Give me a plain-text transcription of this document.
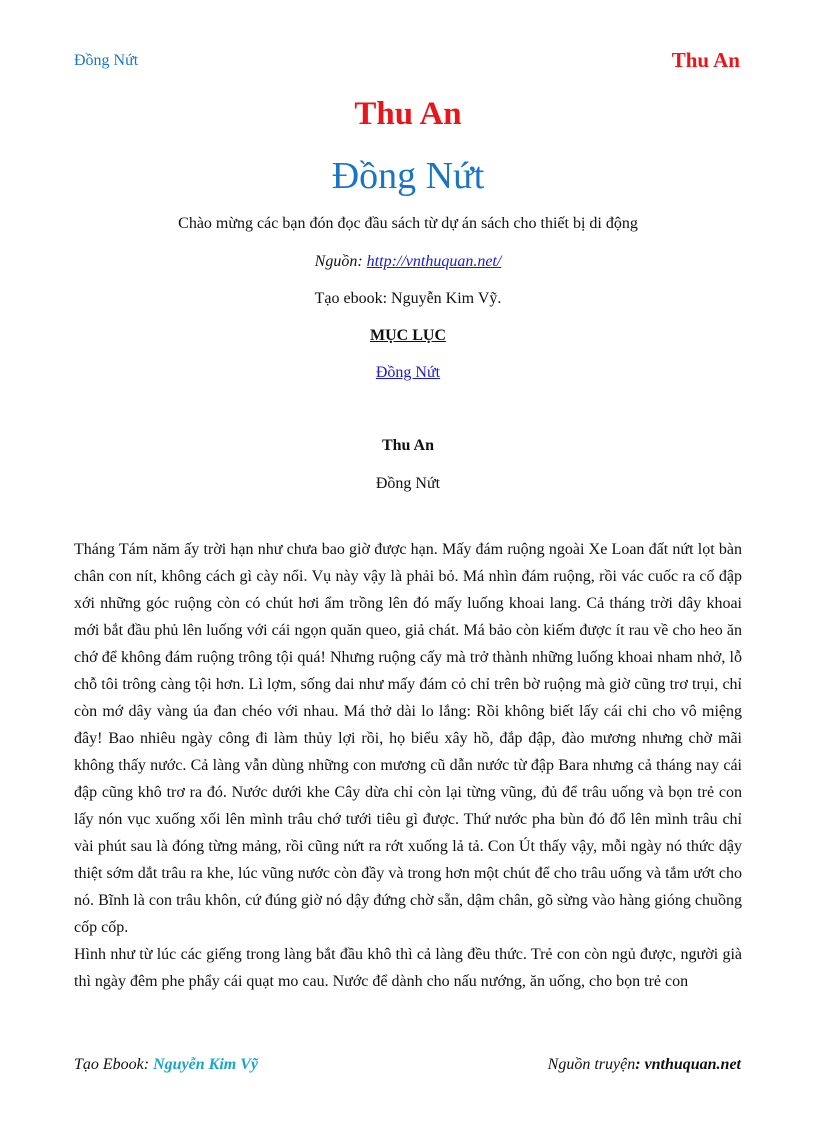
Đồng Nứt	Thu An
Thu An
Đồng Nứt
Chào mừng các bạn đón đọc đầu sách từ dự án sách cho thiết bị di động
Nguồn: http://vnthuquan.net/
Tạo ebook: Nguyễn Kim Vỹ.
MỤC LỤC
Đồng Nứt
Thu An
Đồng Nứt

Tháng Tám năm ấy trời hạn như chưa bao giờ được hạn. Mấy đám ruộng ngoài Xe Loan đất nứt lọt bàn chân con nít, không cách gì cày nổi. Vụ này vậy là phải bỏ. Má nhìn đám ruộng, rồi vác cuốc ra cố đập xới những góc ruộng còn có chút hơi ẩm trồng lên đó mấy luống khoai lang. Cả tháng trời dây khoai mới bắt đầu phủ lên luống với cái ngọn quăn queo, giả chát. Má bảo còn kiếm được ít rau về cho heo ăn chớ để không đám ruộng trông tội quá! Nhưng ruộng cấy mà trở thành những luống khoai nham nhở, lỗ chỗ tôi trông càng tội hơn. Lì lợm, sống dai như mấy đám cỏ chỉ trên bờ ruộng mà giờ cũng trơ trụi, chỉ còn mớ dây vàng úa đan chéo với nhau. Má thở dài lo lắng: Rồi không biết lấy cái chi cho vô miệng đây! Bao nhiêu ngày công đi làm thủy lợi rồi, họ biểu xây hồ, đắp đập, đào mương nhưng chờ mãi không thấy nước. Cả làng vẫn dùng những con mương cũ dẫn nước từ đập Bara nhưng cả tháng nay cái đập cũng khô trơ ra đó. Nước dưới khe Cây dừa chỉ còn lại từng vũng, đủ để trâu uống và bọn trẻ con lấy nón vục xuống xối lên mình trâu chớ tưới tiêu gì được. Thứ nước pha bùn đó đổ lên mình trâu chỉ vài phút sau là đóng từng mảng, rồi cũng nứt ra rớt xuống lả tả. Con Út thấy vậy, mỗi ngày nó thức dậy thiệt sớm dắt trâu ra khe, lúc vũng nước còn đầy và trong hơn một chút để cho trâu uống và tắm ướt cho nó. Bĩnh là con trâu khôn, cứ đúng giờ nó dậy đứng chờ sẵn, dậm chân, gõ sừng vào hàng gióng chuồng cốp cốp.

Hình như từ lúc các giếng trong làng bắt đầu khô thì cả làng đều thức. Trẻ con còn ngủ được, người già thì ngày đêm phe phẩy cái quạt mo cau. Nước để dành cho nấu nướng, ăn uống, cho bọn trẻ con

Tạo Ebook: Nguyễn Kim Vỹ	Nguồn truyện: vnthuquan.net
